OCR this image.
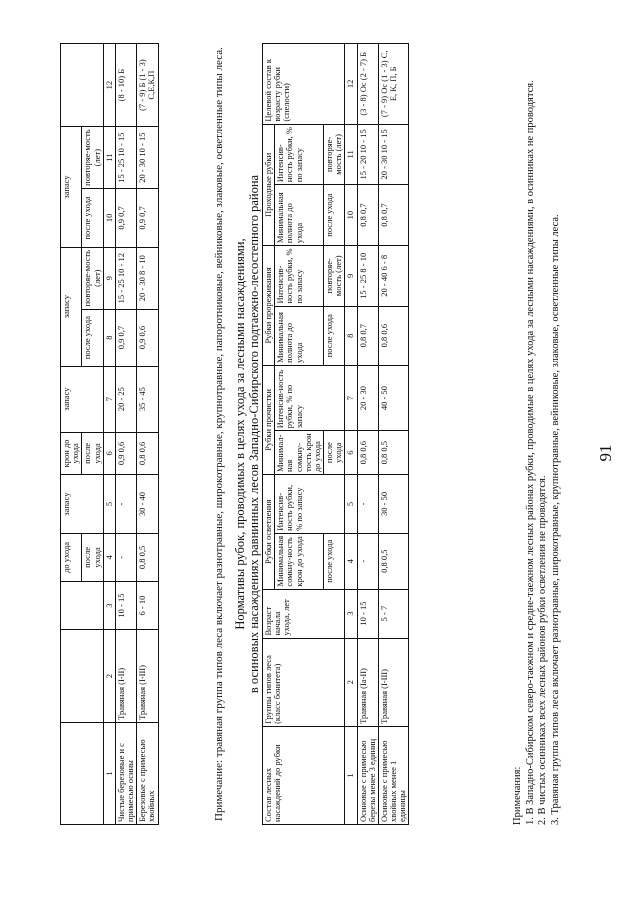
91
			до ухода	запасу	крон до ухода	запасу	запасу		запасу		
			после ухода		после ухода		после ухода	повторяе-мость (лет)	после ухода	повторяе-мость (лет)	
1	2	3	4	5	6	7	8	9	10	11	12
Чистые березовые и с примесью осины	Травяная (I-II)	10 - 15	-	-	0,9 0,6	20 - 25	0,9 0,7	15 - 25 10 - 12	0,9 0,7	15 - 25 10 - 15	(8 - 10) Б
Березовые с примесью хвойных	Травяная (I-III)	6 - 10	0,8 0,5	30 - 40	0,8 0,6	35 - 45	0,9 0,6	20 - 30 8 - 10	0,9 0,7	20 - 30 10 - 15	(7 - 9) Б (1 - 3) С,Е,К,П	Примечание: травяная группа типов леса включает разнотравные, широкотравные, крупнотравные, папоротниковые, вейниковые, злаковые, осветленные типы леса. Нормативы рубок, проводимых в целях ухода за лесными насаждениями, в осиновых насаждениях равнинных лесов Западно-Сибирского подтаежно-лесостепного района
Состав лесных насаждений до рубки	Группы типов леса (класс бонитета)	Возраст начала ухода, лет	Рубки осветления		Рубки прочистки		Рубки прореживания		Проходные рубки		Целевой состав к возрасту рубки (спелости)
			Минимальная сомкну-ность крон до ухода	Интенсив-ность рубки, % по запасу	Минимал-ная сомкну-тость крон до ухода	Интенсив-ность рубки, % по запасу	Минимальная полнота до ухода	Интенсив-ность рубки, % по запасу	Минимальная полнота до ухода	Интенсив-ность рубки, % по запасу	
			после ухода		после ухода		после ухода	повторяе-мость (лет)	после ухода	повторяе-мость (лет)	
1	2	3	4	5	6	7	8	9	10	11	12
Осиновые с примесью березы менее 3 единиц	Травяная (Ia-II)	10 - 15	-	-	0,8 0,6	20 - 30	0,8 0,7	15 - 25 8 - 10	0,8 0,7	15 - 20 10 - 15	(3 - 8) Ос (2 - 7) Б
Осиновые с примесью хвойных менее 1 единицы	Травяная (I-III)	5 - 7	0,8 0,5	30 - 50	0,8 0,5	40 - 50	0,8 0,6	20 - 40 6 - 8	0,8 0,7	20 - 30 10 - 15	(7 - 9) Ос (1 - 3) С, Е, К, П, Б
Примечания: 1. В Западно-Сибирском северо-таежном и средне-таежном лесных районах рубки, проводимые в целях ухода за лесными насаждениями, в осинниках не проводятся. 2. В чистых осинниках всех лесных районов рубки осветления не проводятся. 3. Травяная группа типов леса включает разнотравные, широкотравные, крупнотравные, вейниковые, злаковые, осветленные типы леса.
